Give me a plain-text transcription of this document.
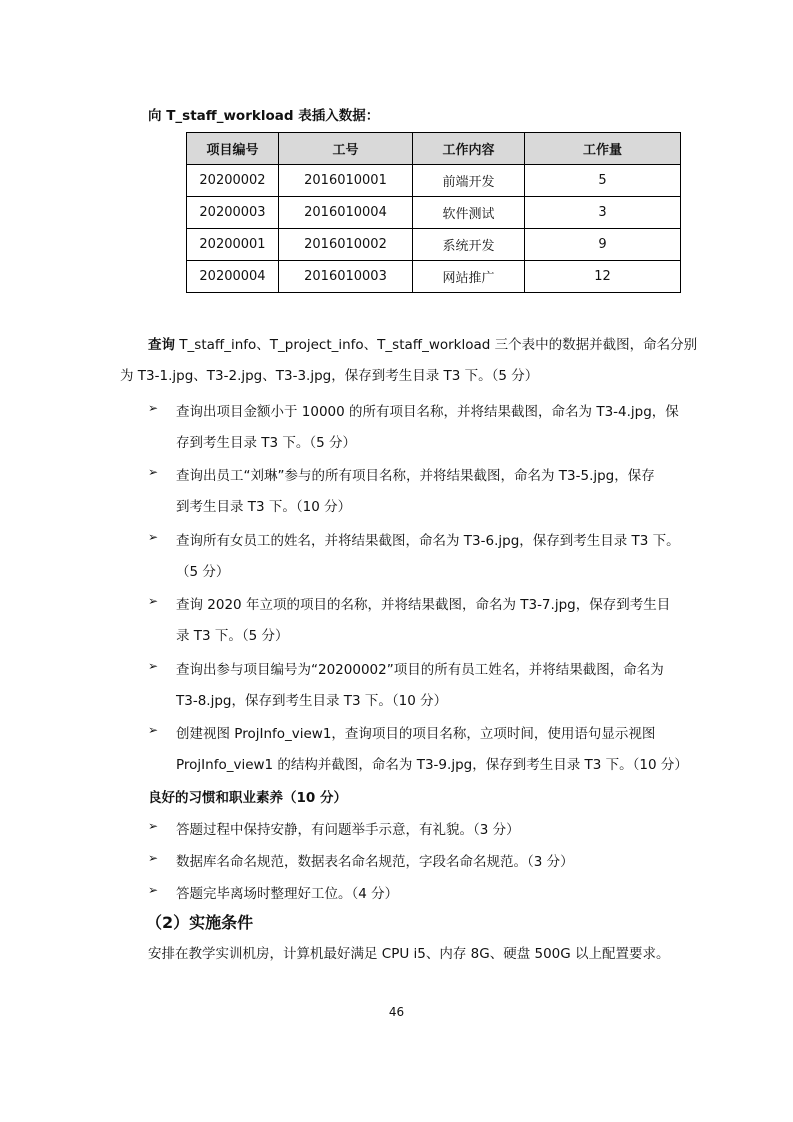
向 T_staff_workload 表插入数据：
项目编号	工号	工作内容	工作量
20200002	2016010001	前端开发	5
20200003	2016010004	软件测试	3
20200001	2016010002	系统开发	9
20200004	2016010003	网站推广	12
查询 T_staff_info、T_project_info、T_staff_workload 三个表中的数据并截图，命名分别
为 T3-1.jpg、T3-2.jpg、T3-3.jpg，保存到考生目录 T3 下。（5 分）
➢ 查询出项目金额小于 10000 的所有项目名称，并将结果截图，命名为 T3-4.jpg，保
存到考生目录 T3 下。（5 分）
➢ 查询出员工“刘琳”参与的所有项目名称，并将结果截图，命名为 T3-5.jpg，保存
到考生目录 T3 下。（10 分）
➢ 查询所有女员工的姓名，并将结果截图，命名为 T3-6.jpg，保存到考生目录 T3 下。
（5 分）
➢ 查询 2020 年立项的项目的名称，并将结果截图，命名为 T3-7.jpg，保存到考生目
录 T3 下。（5 分）
➢ 查询出参与项目编号为“20200002”项目的所有员工姓名，并将结果截图，命名为
T3-8.jpg，保存到考生目录 T3 下。（10 分）
➢ 创建视图 ProjInfo_view1，查询项目的项目名称，立项时间，使用语句显示视图
ProjInfo_view1 的结构并截图，命名为 T3-9.jpg，保存到考生目录 T3 下。（10 分）
良好的习惯和职业素养（10 分）
➢ 答题过程中保持安静，有问题举手示意，有礼貌。（3 分）
➢ 数据库名命名规范，数据表名命名规范，字段名命名规范。（3 分）
➢ 答题完毕离场时整理好工位。（4 分）
（2）实施条件
安排在教学实训机房，计算机最好满足 CPU i5、内存 8G、硬盘 500G 以上配置要求。
46
